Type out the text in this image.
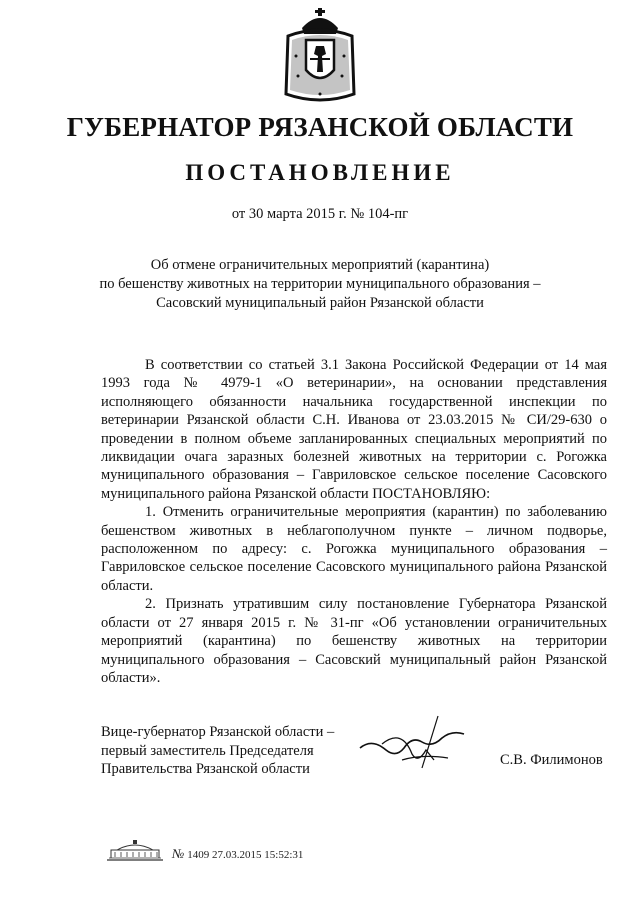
ГУБЕРНАТОР РЯЗАНСКОЙ ОБЛАСТИ
ПОСТАНОВЛЕНИЕ
от 30 марта 2015 г. № 104-пг
Об отмене ограничительных мероприятий (карантина)
по бешенству животных на территории муниципального образования –
Сасовский муниципальный район Рязанской области

В соответствии со статьей 3.1 Закона Российской Федерации от 14 мая 1993 года № 4979-1 «О ветеринарии», на основании представления исполняющего обязанности начальника государственной инспекции по ветеринарии Рязанской области С.Н. Иванова от 23.03.2015 № СИ/29-630 о проведении в полном объеме запланированных специальных мероприятий по ликвидации очага заразных болезней животных на территории с. Рогожка муниципального образования – Гавриловское сельское поселение Сасовского муниципального района Рязанской области ПОСТАНОВЛЯЮ:

1. Отменить ограничительные мероприятия (карантин) по заболеванию бешенством животных в неблагополучном пункте – личном подворье, расположенном по адресу: с. Рогожка муниципального образования – Гавриловское сельское поселение Сасовского муниципального района Рязанской области.

2. Признать утратившим силу постановление Губернатора Рязанской области от 27 января 2015 г. № 31-пг «Об установлении ограничительных мероприятий (карантина) по бешенству животных на территории муниципального образования – Сасовский муниципальный район Рязанской области».

Вице-губернатор Рязанской области –
первый заместитель Председателя
Правительства Рязанской области
С.В. Филимонов
№ 1409 27.03.2015 15:52:31
